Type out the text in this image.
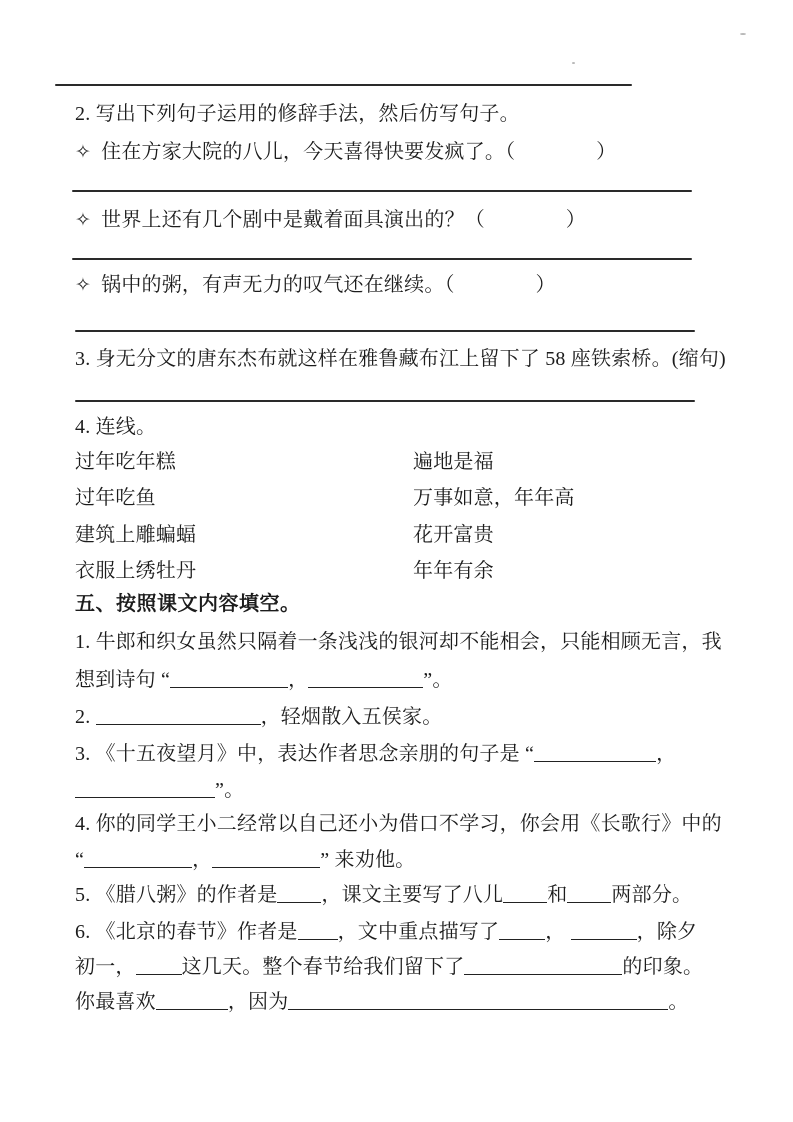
2. 写出下列句子运用的修辞手法，然后仿写句子。
✧ 住在方家大院的八儿，今天喜得快要发疯了。（　　　　）
✧ 世界上还有几个剧中是戴着面具演出的？（　　　　）
✧ 锅中的粥，有声无力的叹气还在继续。（　　　　）
3. 身无分文的唐东杰布就这样在雅鲁藏布江上留下了 58 座铁索桥。(缩句)
4. 连线。
过年吃年糕	遍地是福
过年吃鱼	万事如意，年年高
建筑上雕蝙蝠	花开富贵
衣服上绣牡丹	年年有余
五、按照课文内容填空。
1. 牛郎和织女虽然只隔着一条浅浅的银河却不能相会，只能相顾无言，我
想到诗句 “	，	”。
2.	，轻烟散入五侯家。
3. 《十五夜望月》中，表达作者思念亲朋的句子是 “	，
”。
4. 你的同学王小二经常以自己还小为借口不学习，你会用《长歌行》中的
“	，	” 来劝他。
5. 《腊八粥》的作者是 ，课文主要写了八儿 和 两部分。
6. 《北京的春节》作者是 ，文中重点描写了 ，	，除夕
初一， 这几天。整个春节给我们留下了	的印象。
你最喜欢	，因为	。
